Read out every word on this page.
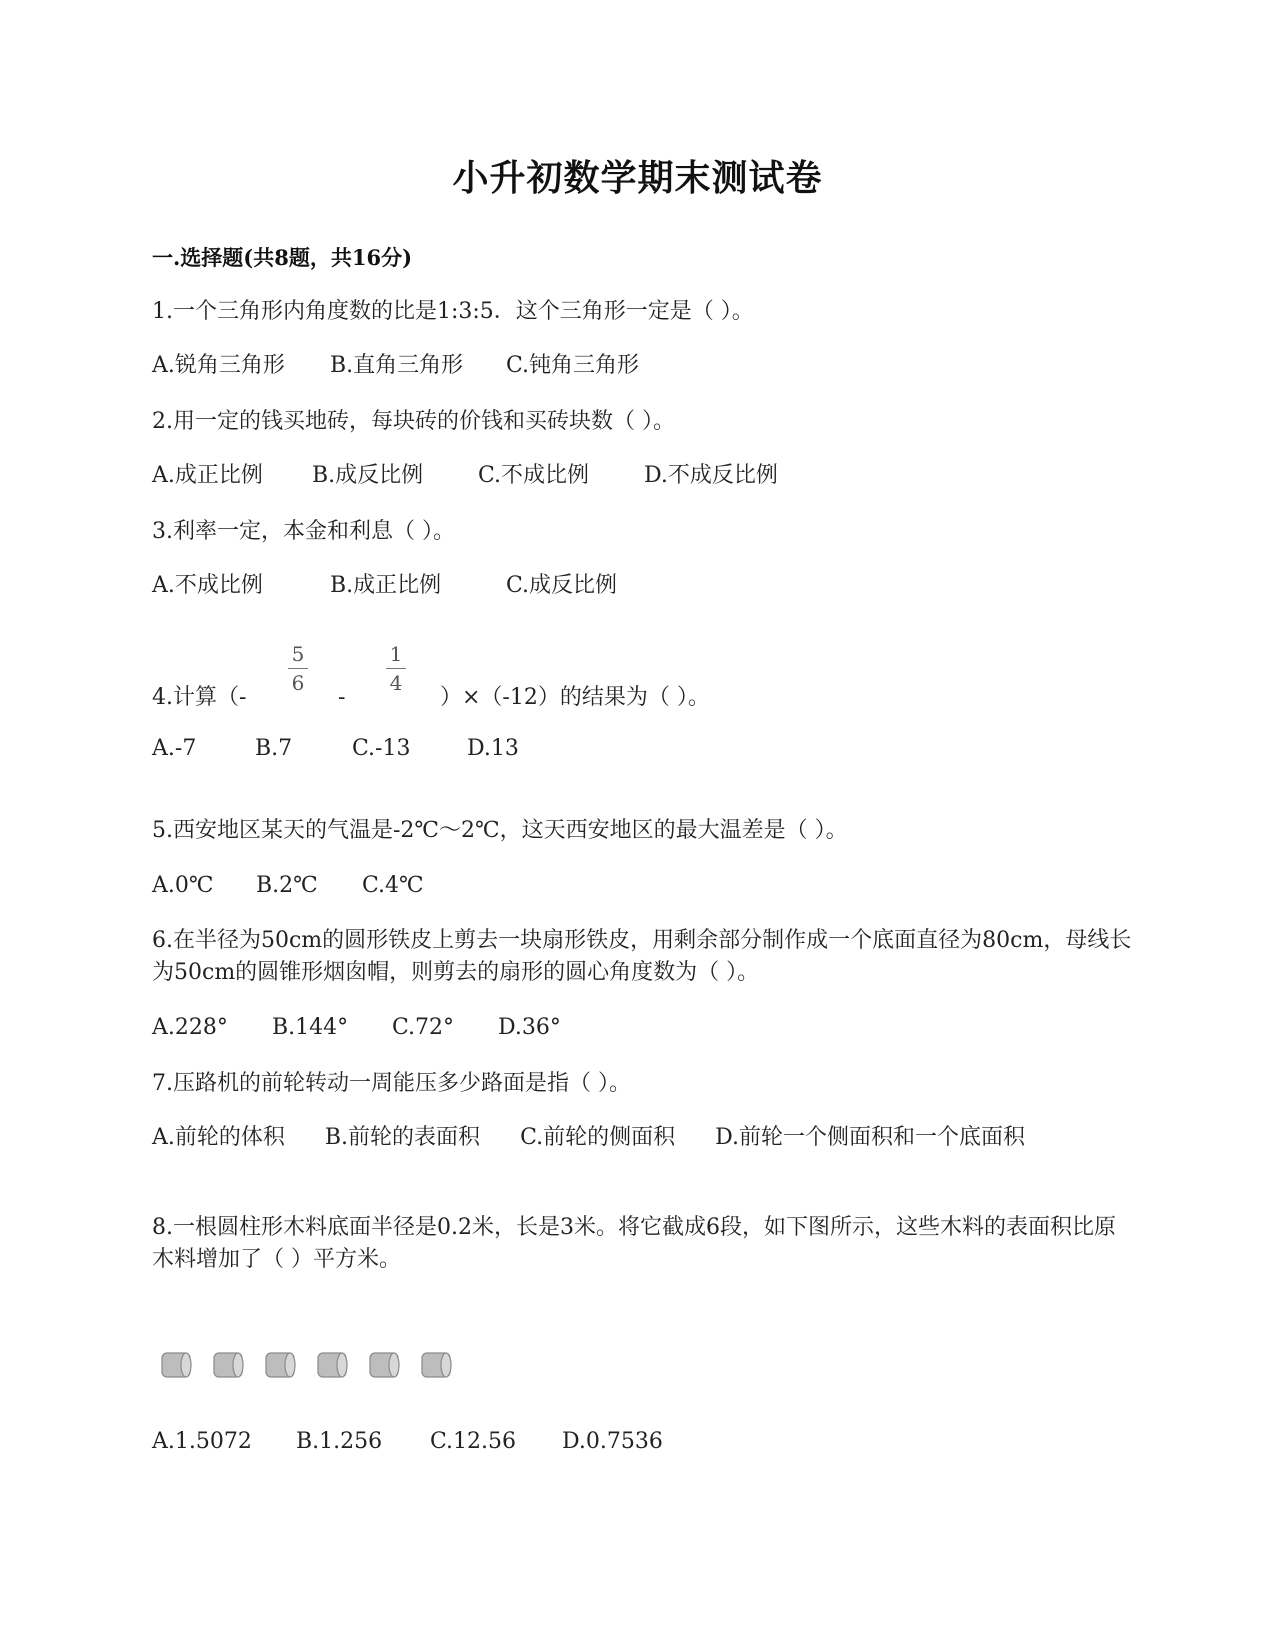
小升初数学期末测试卷
一.选择题(共8题，共16分)
1.一个三角形内角度数的比是1:3:5．这个三角形一定是（ ）。
A.锐角三角形 B.直角三角形 C.钝角三角形
2.用一定的钱买地砖，每块砖的价钱和买砖块数（ ）。
A.成正比例 B.成反比例 C.不成比例 D.不成反比例
3.利率一定，本金和利息（ ）。
A.不成比例	B.成正比例	C.成反比例
4.计算（-
5
6
-
1
4
）×（-12）的结果为（ ）。
A.-7	B.7	C.-13	D.13
5.西安地区某天的气温是-2℃～2℃，这天西安地区的最大温差是（ ）。
A.0℃ B.2℃ C.4℃
6.在半径为50cm的圆形铁皮上剪去一块扇形铁皮，用剩余部分制作成一个底面直径为80cm，母线长为50cm的圆锥形烟囱帽，则剪去的扇形的圆心角度数为（ ）。
A.228° B.144° C.72° D.36°
7.压路机的前轮转动一周能压多少路面是指（ ）。
A.前轮的体积 B.前轮的表面积 C.前轮的侧面积 D.前轮一个侧面积和一个底面积
8.一根圆柱形木料底面半径是0.2米，长是3米。将它截成6段，如下图所示，这些木料的表面积比原木料增加了（ ）平方米。
A.1.5072 B.1.256 C.12.56 D.0.7536
